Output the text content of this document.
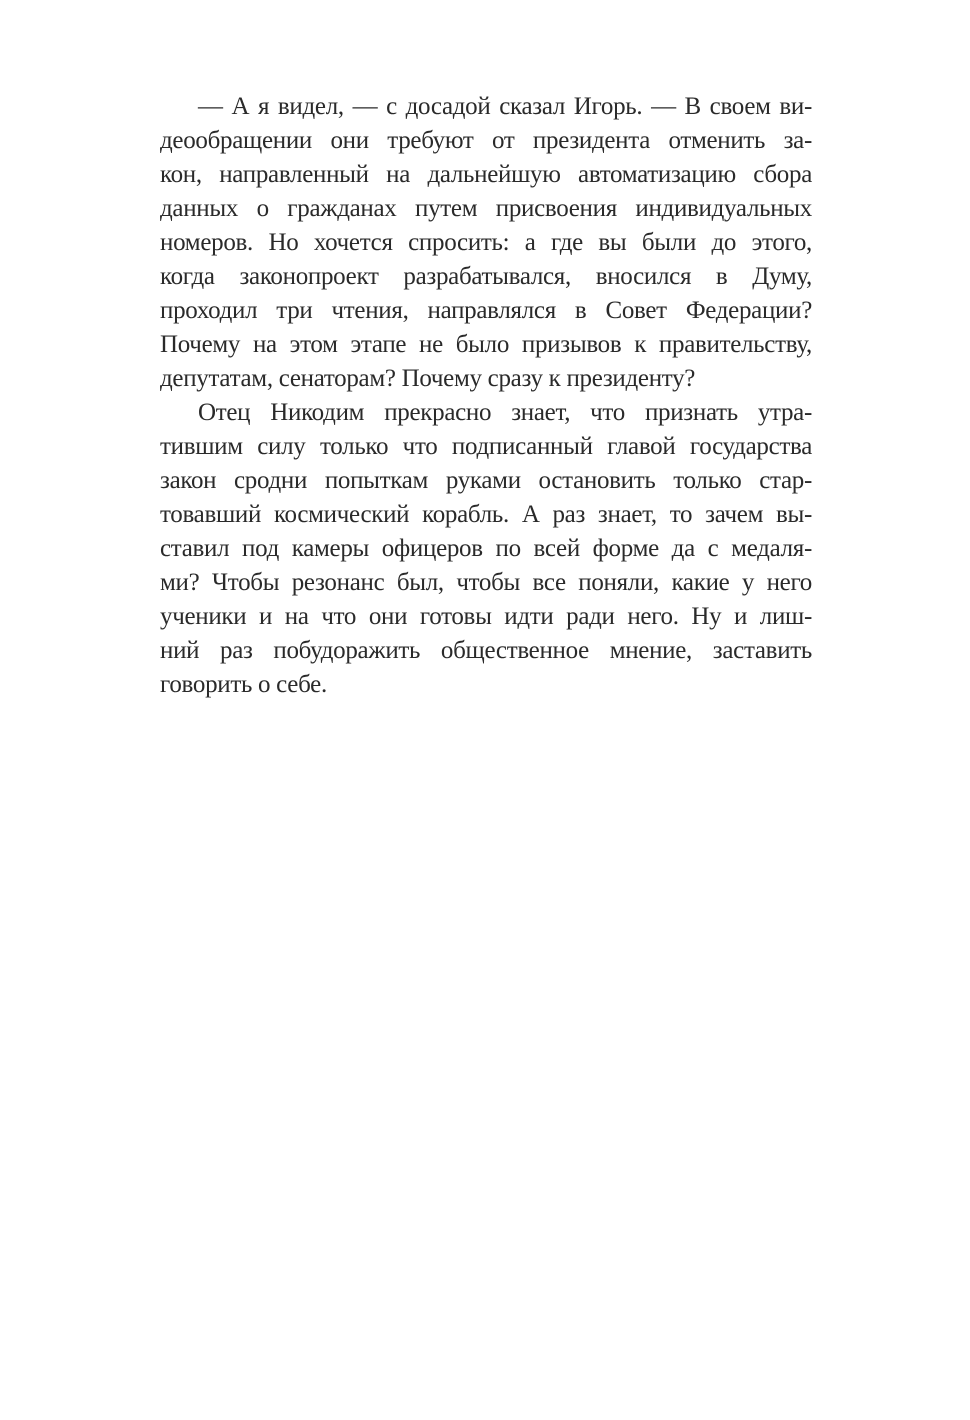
— А я видел, — с досадой сказал Игорь. — В своем ви-
деообращении они требуют от президента отменить за-
кон, направленный на дальнейшую автоматизацию сбора
данных о гражданах путем присвоения индивидуальных
номеров. Но хочется спросить: а где вы были до этого,
когда законопроект разрабатывался, вносился в Думу,
проходил три чтения, направлялся в Совет Федерации?
Почему на этом этапе не было призывов к правительству,
депутатам, сенаторам? Почему сразу к президенту?
Отец Никодим прекрасно знает, что признать утра-
тившим силу только что подписанный главой государства
закон сродни попыткам руками остановить только стар-
товавший космический корабль. А раз знает, то зачем вы-
ставил под камеры офицеров по всей форме да с медаля-
ми? Чтобы резонанс был, чтобы все поняли, какие у него
ученики и на что они готовы идти ради него. Ну и лиш-
ний раз побудоражить общественное мнение, заставить
говорить о себе.
